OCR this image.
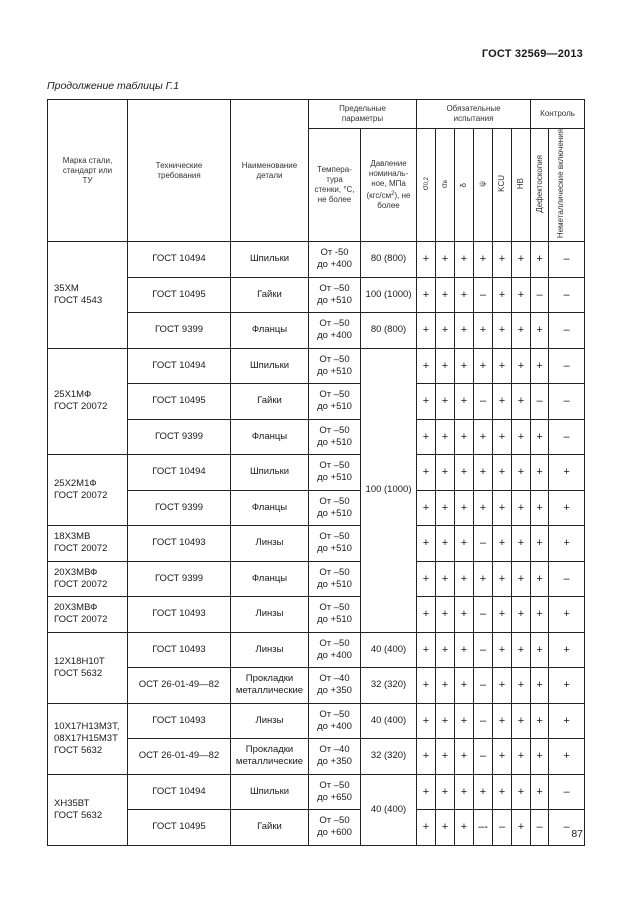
ГОСТ 32569—2013
Продолжение таблицы Г.1
Марка стали, стандарт или ТУ	Технические требования	Наименование детали	Предельные параметры		Обязательные испытания						Контроль	
			Темпера-тура стенки, °С, не более	Давление номиналь-ное, МПа $(кгс/см^2)$, не более	σ0,2	σв	δ	ψ	KCU	HB	Дефектоскопия	Неметаллические включения
35ХМ
ГОСТ 4543	ГОСТ 10494	Шпильки	От -50
до +400	80 (800)	+	+	+	+	+	+	+	–
	ГОСТ 10495	Гайки	От –50
до +510	100 (1000)	+	+	+	–	+	+	–	–
	ГОСТ 9399	Фланцы	От –50
до +400	80 (800)	+	+	+	+	+	+	+	–
25Х1МФ
ГОСТ 20072	ГОСТ 10494	Шпильки	От –50
до +510	100 (1000)	+	+	+	+	+	+	+	–
	ГОСТ 10495	Гайки	От –50
до +510		+	+	+	–	+	+	–	–
	ГОСТ 9399	Фланцы	От –50
до +510		+	+	+	+	+	+	+	–
25Х2М1Ф
ГОСТ 20072	ГОСТ 10494	Шпильки	От –50
до +510		+	+	+	+	+	+	+	+
	ГОСТ 9399	Фланцы	От –50
до +510		+	+	+	+	+	+	+	+
18Х3МВ
ГОСТ 20072	ГОСТ 10493	Линзы	От –50
до +510		+	+	+	–	+	+	+	+
20Х3МВФ
ГОСТ 20072	ГОСТ 9399	Фланцы	От –50
до +510		+	+	+	+	+	+	+	–
20Х3МВФ
ГОСТ 20072	ГОСТ 10493	Линзы	От –50
до +510		+	+	+	–	+	+	+	+
12Х18Н10Т
ГОСТ 5632	ГОСТ 10493	Линзы	От –50
до +400	40 (400)	+	+	+	–	+	+	+	+
	ОСТ 26-01-49—82	Прокладки
металлические	От –40
до +350	32 (320)	+	+	+	–	+	+	+	+
10Х17Н13М3Т,
08Х17Н15М3Т
ГОСТ 5632	ГОСТ 10493	Линзы	От –50
до +400	40 (400)	+	+	+	–	+	+	+	+
	ОСТ 26-01-49—82	Прокладки
металлические	От –40
до +350	32 (320)	+	+	+	–	+	+	+	+
ХН35ВТ
ГОСТ 5632	ГОСТ 10494	Шпильки	От –50
до +650	40 (400)	+	+	+	+	+	+	+	–
	ГОСТ 10495	Гайки	От –50
до +600		+	+	+	–-	–	+	–	–
87
